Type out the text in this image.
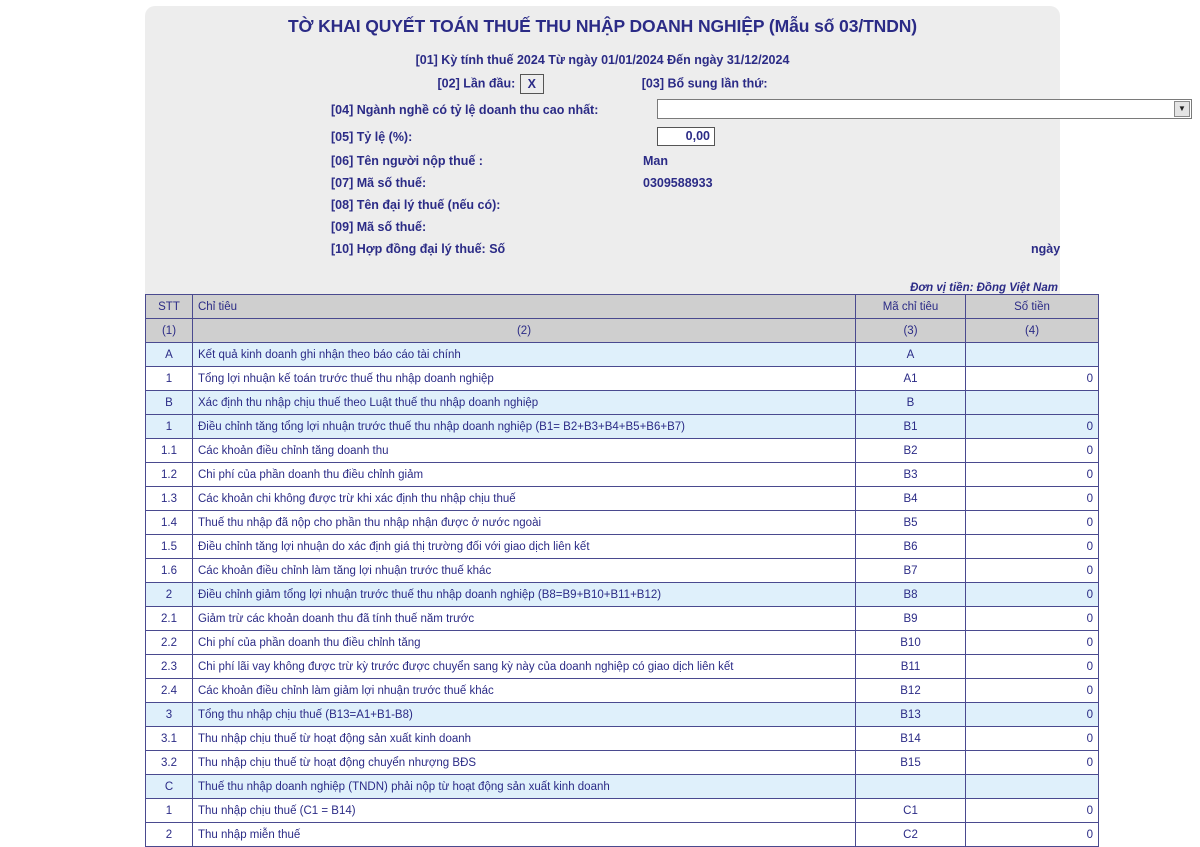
TỜ KHAI QUYẾT TOÁN THUẾ THU NHẬP DOANH NGHIỆP (Mẫu số 03/TNDN)
[01] Kỳ tính thuế 2024 Từ ngày 01/01/2024 Đến ngày 31/12/2024
[02] Lần đầu: X	[03] Bổ sung lần thứ:
[04] Ngành nghề có tỷ lệ doanh thu cao nhất:	▼
[05] Tỷ lệ (%):	0,00
[06] Tên người nộp thuế :	Man
[07] Mã số thuế:	0309588933
[08] Tên đại lý thuế (nếu có):
[09] Mã số thuế:
[10] Hợp đồng đại lý thuế: Số	ngày
Đơn vị tiền: Đồng Việt Nam
STT	Chỉ tiêu	Mã chỉ tiêu	Số tiền
(1)	(2)	(3)	(4)
A	Kết quả kinh doanh ghi nhận theo báo cáo tài chính	A	
1	Tổng lợi nhuận kế toán trước thuế thu nhập doanh nghiệp	A1	0
B	Xác định thu nhập chịu thuế theo Luật thuế thu nhập doanh nghiệp	B	
1	Điều chỉnh tăng tổng lợi nhuận trước thuế thu nhập doanh nghiệp (B1= B2+B3+B4+B5+B6+B7)	B1	0
1.1	Các khoản điều chỉnh tăng doanh thu	B2	0
1.2	Chi phí của phần doanh thu điều chỉnh giảm	B3	0
1.3	Các khoản chi không được trừ khi xác định thu nhập chịu thuế	B4	0
1.4	Thuế thu nhập đã nộp cho phần thu nhập nhận được ở nước ngoài	B5	0
1.5	Điều chỉnh tăng lợi nhuận do xác định giá thị trường đối với giao dịch liên kết	B6	0
1.6	Các khoản điều chỉnh làm tăng lợi nhuận trước thuế khác	B7	0
2	Điều chỉnh giảm tổng lợi nhuận trước thuế thu nhập doanh nghiệp (B8=B9+B10+B11+B12)	B8	0
2.1	Giảm trừ các khoản doanh thu đã tính thuế năm trước	B9	0
2.2	Chi phí của phần doanh thu điều chỉnh tăng	B10	0
2.3	Chi phí lãi vay không được trừ kỳ trước được chuyển sang kỳ này của doanh nghiệp có giao dịch liên kết	B11	0
2.4	Các khoản điều chỉnh làm giảm lợi nhuận trước thuế khác	B12	0
3	Tổng thu nhập chịu thuế (B13=A1+B1-B8)	B13	0
3.1	Thu nhập chịu thuế từ hoạt động sản xuất kinh doanh	B14	0
3.2	Thu nhập chịu thuế từ hoạt động chuyển nhượng BĐS	B15	0
C	Thuế thu nhập doanh nghiệp (TNDN) phải nộp từ hoạt động sản xuất kinh doanh		
1	Thu nhập chịu thuế (C1 = B14)	C1	0
2	Thu nhập miễn thuế	C2	0
